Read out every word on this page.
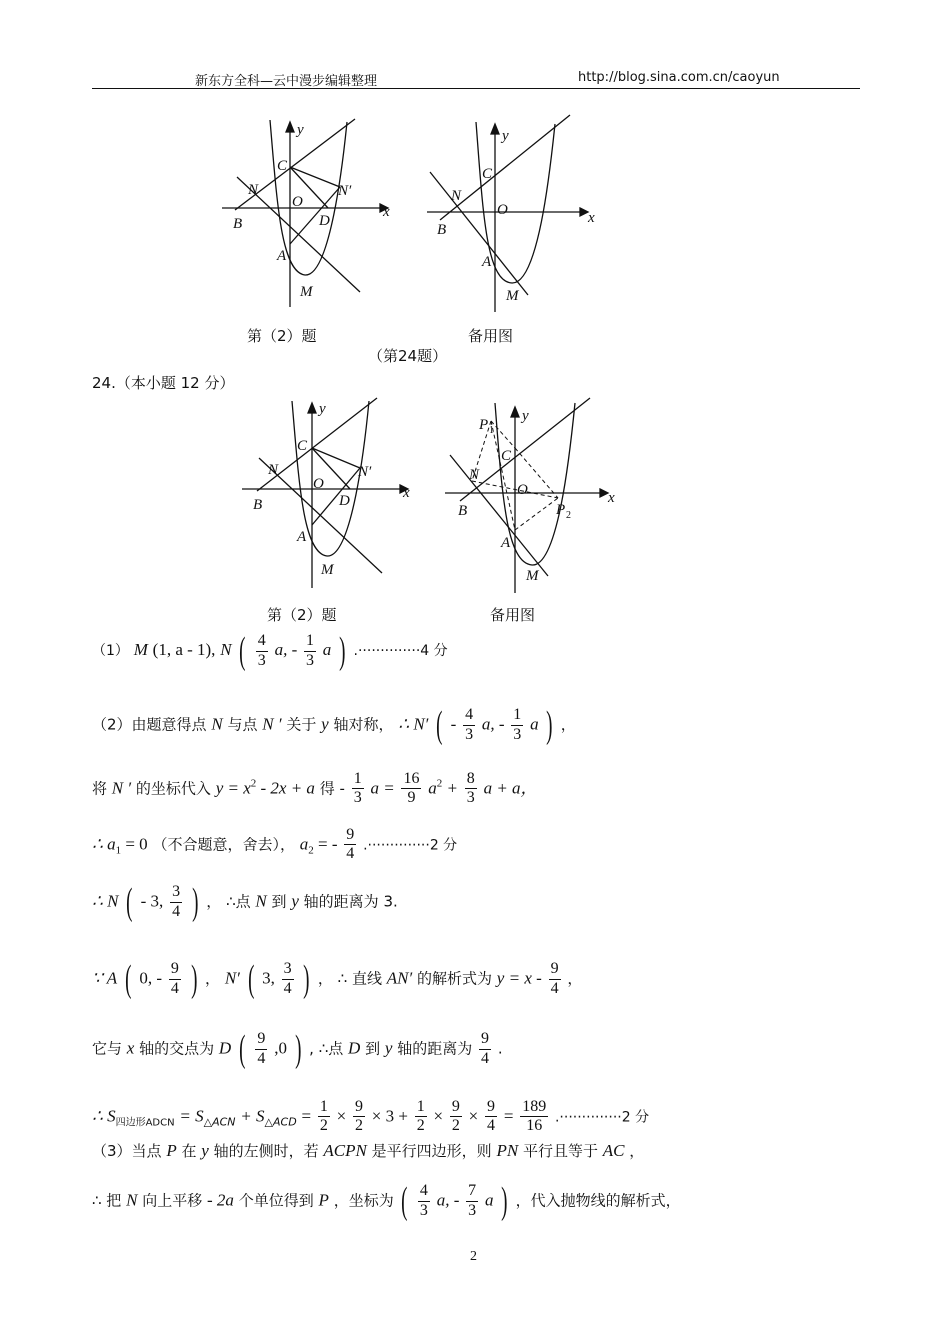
新东方全科—云中漫步编辑整理	http://blog.sina.com.cn/caoyun
y
x
C
N	N′
O
B	D
A
M
y
x
C
N
O
B
A
M
第（2）题	备用图
（第24题）
24.（本小题 12 分）
y
x
C
N	N′
O
B	D
A
M
y
x
P 1
C
N
O
B	P 2
A
M
第（2）题	备用图
（1） M (1, a - 1), N ( $\frac{4}{3} a$, - $\frac{1}{3}$ a ) .··············4 分
（2）由题意得点 N 与点 N ′ 关于 y 轴对称， ∴ N′ ( - $\frac{4}{3} a$, - $\frac{1}{3}$ a ) ，
将 N ′ 的坐标代入 $y = x^2 - 2x + a$ 得 - $\frac{1}{3}$ $a = \frac{16}{9} a^2 + \frac{8}{3}$ a + a，
∴ $a_1 = 0$ （不合题意，舍去）， $a_2$ = - $\frac{9}{4} .\cdot\cdot\cdot\cdot\cdot\cdot\cdot\cdot\cdot\cdot\cdot\cdot\cdot\cdot 2$ 分
∴ N ( - 3, $\frac{3}{4}$ ) ， ∴点 N 到 y 轴的距离为 3.
∵ A ( 0, - $\frac{9}{4}$ ) ， N′ ( 3, $\frac{3}{4}$ ) ， ∴ 直线 AN′ 的解析式为 $y = x - \frac{9}{4}$ ，
它与 x 轴的交点为 D ( $\frac{9}{4} ,0$ ) , ∴点 D 到 y 轴的距离为 $\frac{9}{4}$ .
∴ $S_{四边形ADCN} = S_{\triangle ACN} + S_{\triangle ACD} = \frac{1}{2} \times \frac{9}{2} \times 3 + \frac{1}{2} \times \frac{9}{2} \times \frac{9}{4} = \frac{189}{16} .\cdot\cdot\cdot\cdot\cdot\cdot\cdot\cdot\cdot\cdot\cdot\cdot\cdot\cdot 2$ 分
（3）当点 P 在 y 轴的左侧时，若 ACPN 是平行四边形，则 PN 平行且等于 AC ，
∴ 把 N 向上平移 - 2a 个单位得到 P ，坐标为 ( $\frac{4}{3} a$, - $\frac{7}{3}$ a ) ，代入抛物线的解析式，
2
